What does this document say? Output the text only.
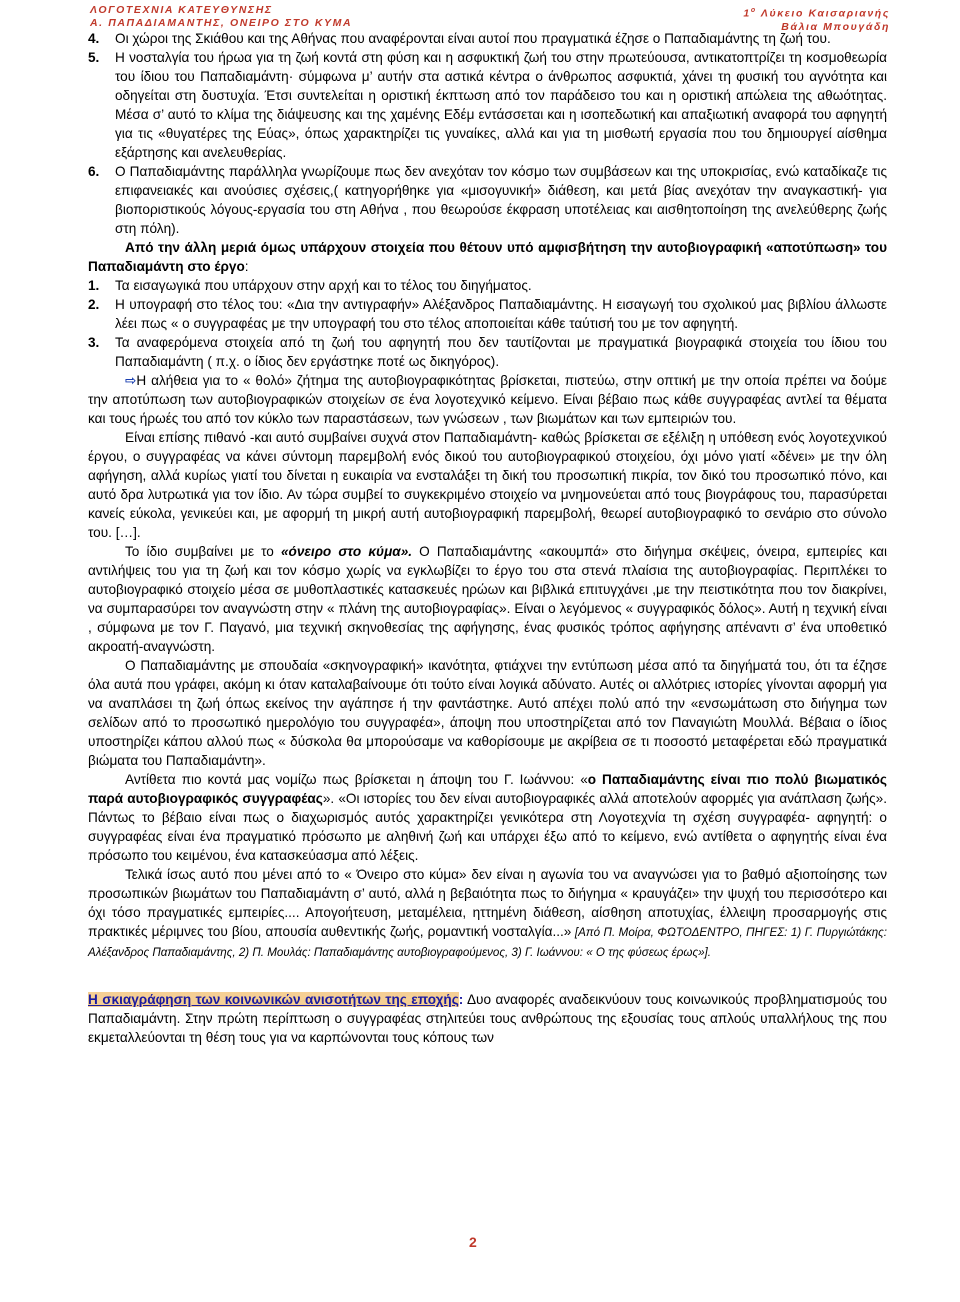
ΛΟΓΟΤΕΧΝΙΑ ΚΑΤΕΥΘΥΝΣΗΣ
Α. ΠΑΠΑΔΙΑΜΑΝΤΗΣ, ΟΝΕΙΡΟ ΣΤΟ ΚΥΜΑ
$1^o$ Λύκειο Καισαριανής
Βάλια Μπουγάδη
4.	Οι χώροι της Σκιάθου και της Αθήνας που αναφέρονται είναι αυτοί που πραγματικά έζησε ο Παπαδιαμάντης τη ζωή του.
5.	Η νοσταλγία του ήρωα για τη ζωή κοντά στη φύση και η ασφυκτική ζωή του στην πρωτεύουσα, αντικατοπτρίζει τη κοσμοθεωρία του ίδιου του Παπαδιαμάντη· σύμφωνα μ’ αυτήν στα αστικά κέντρα ο άνθρωπος ασφυκτιά, χάνει τη φυσική του αγνότητα και οδηγείται στη δυστυχία. Έτσι συντελείται η οριστική έκπτωση από τον παράδεισο του και η οριστική απώλεια της αθωότητας. Μέσα σ’ αυτό το κλίμα της διάψευσης και της χαμένης Εδέμ εντάσσεται και η ισοπεδωτική και απαξιωτική αναφορά του αφηγητή για τις «θυγατέρες της Εύας», όπως χαρακτηρίζει τις γυναίκες, αλλά και για τη μισθωτή εργασία που του δημιουργεί αίσθημα εξάρτησης και ανελευθερίας.
6.	Ο Παπαδιαμάντης παράλληλα γνωρίζουμε πως δεν ανεχόταν τον κόσμο των συμβάσεων και της υποκρισίας, ενώ καταδίκαζε τις επιφανειακές και ανούσιες σχέσεις,( κατηγορήθηκε για «μισογυνική» διάθεση, και μετά βίας ανεχόταν την αναγκαστική- για βιοποριστικούς λόγους-εργασία του στη Αθήνα , που θεωρούσε έκφραση υποτέλειας και αισθητοποίηση της ανελεύθερης ζωής στη πόλη).

Από την άλλη μεριά όμως υπάρχουν στοιχεία που θέτουν υπό αμφισβήτηση την αυτοβιογραφική «αποτύπωση» του Παπαδιαμάντη στο έργο:

1.	Τα εισαγωγικά που υπάρχουν στην αρχή και το τέλος του διηγήματος.
2.	Η υπογραφή στο τέλος του: «Δια την αντιγραφήν» Αλέξανδρος Παπαδιαμάντης. Η εισαγωγή του σχολικού μας βιβλίου άλλωστε λέει πως « ο συγγραφέας με την υπογραφή του στο τέλος αποποιείται κάθε ταύτισή του με τον αφηγητή.
3.	Τα αναφερόμενα στοιχεία από τη ζωή του αφηγητή που δεν ταυτίζονται με πραγματικά βιογραφικά στοιχεία του ίδιου του Παπαδιαμάντη ( π.χ. ο ίδιος δεν εργάστηκε ποτέ ως δικηγόρος).

⇨Η αλήθεια για το « θολό» ζήτημα της αυτοβιογραφικότητας βρίσκεται, πιστεύω, στην οπτική με την οποία πρέπει να δούμε την αποτύπωση των αυτοβιογραφικών στοιχείων σε ένα λογοτεχνικό κείμενο. Είναι βέβαιο πως κάθε συγγραφέας αντλεί τα θέματα και τους ήρωές του από τον κύκλο των παραστάσεων, των γνώσεων , των βιωμάτων και των εμπειριών του.

Είναι επίσης πιθανό -και αυτό συμβαίνει συχνά στον Παπαδιαμάντη- καθώς βρίσκεται σε εξέλιξη η υπόθεση ενός λογοτεχνικού έργου, ο συγγραφέας να κάνει σύντομη παρεμβολή ενός δικού του αυτοβιογραφικού στοιχείου, όχι μόνο γιατί «δένει» με την όλη αφήγηση, αλλά κυρίως γιατί του δίνεται η ευκαιρία να ενσταλάξει τη δική του προσωπική πικρία, τον δικό του προσωπικό πόνο, και αυτό δρα λυτρωτικά για τον ίδιο. Αν τώρα συμβεί το συγκεκριμένο στοιχείο να μνημονεύεται από τους βιογράφους του, παρασύρεται κανείς εύκολα, γενικεύει και, με αφορμή τη μικρή αυτή αυτοβιογραφική παρεμβολή, θεωρεί αυτοβιογραφικό το σενάριο στο σύνολο του. […].

Το ίδιο συμβαίνει με το «όνειρο στο κύμα». Ο Παπαδιαμάντης «ακουμπά» στο διήγημα σκέψεις, όνειρα, εμπειρίες και αντιλήψεις του για τη ζωή και τον κόσμο χωρίς να εγκλωβίζει το έργο του στα στενά πλαίσια της αυτοβιογραφίας. Περιπλέκει το αυτοβιογραφικό στοιχείο μέσα σε μυθοπλαστικές κατασκευές ηρώων και βιβλικά επιτυγχάνει ,με την πειστικότητα που τον διακρίνει, να συμπαρασύρει τον αναγνώστη στην « πλάνη της αυτοβιογραφίας». Είναι ο λεγόμενος « συγγραφικός δόλος». Αυτή η τεχνική είναι , σύμφωνα με τον Γ. Παγανό, μια τεχνική σκηνοθεσίας της αφήγησης, ένας φυσικός τρόπος αφήγησης απέναντι σ’ ένα υποθετικό ακροατή-αναγνώστη.

Ο Παπαδιαμάντης με σπουδαία «σκηνογραφική» ικανότητα, φτιάχνει την εντύπωση μέσα από τα διηγήματά του, ότι τα έζησε όλα αυτά που γράφει, ακόμη κι όταν καταλαβαίνουμε ότι τούτο είναι λογικά αδύνατο. Αυτές οι αλλότριες ιστορίες γίνονται αφορμή για να αναπλάσει τη ζωή όπως εκείνος την αγάπησε ή την φαντάστηκε. Αυτό απέχει πολύ από την «ενσωμάτωση στο διήγημα των σελίδων από το προσωπικό ημερολόγιο του συγγραφέα», άποψη που υποστηρίζεται από τον Παναγιώτη Μουλλά. Βέβαια ο ίδιος υποστηρίζει κάπου αλλού πως « δύσκολα θα μπορούσαμε να καθορίσουμε με ακρίβεια σε τι ποσοστό μεταφέρεται εδώ πραγματικά βιώματα του Παπαδιαμάντη».

Αντίθετα πιο κοντά μας νομίζω πως βρίσκεται η άποψη του Γ. Ιωάννου: «ο Παπαδιαμάντης είναι πιο πολύ βιωματικός παρά αυτοβιογραφικός συγγραφέας». «Οι ιστορίες του δεν είναι αυτοβιογραφικές αλλά αποτελούν αφορμές για ανάπλαση ζωής». Πάντως το βέβαιο είναι πως ο διαχωρισμός αυτός χαρακτηρίζει γενικότερα στη Λογοτεχνία τη σχέση συγγραφέα- αφηγητή: ο συγγραφέας είναι ένα πραγματικό πρόσωπο με αληθινή ζωή και υπάρχει έξω από το κείμενο, ενώ αντίθετα ο αφηγητής είναι ένα πρόσωπο του κειμένου, ένα κατασκεύασμα από λέξεις.

Τελικά ίσως αυτό που μένει από το « Όνειρο στο κύμα» δεν είναι η αγωνία του να αναγνώσει για το βαθμό αξιοποίησης των προσωπικών βιωμάτων του Παπαδιαμάντη σ’ αυτό, αλλά η βεβαιότητα πως το διήγημα « κραυγάζει» την ψυχή του περισσότερο και όχι τόσο πραγματικές εμπειρίες.... Απογοήτευση, μεταμέλεια, ηττημένη διάθεση, αίσθηση αποτυχίας, έλλειψη προσαρμογής στις πρακτικές μέριμνες του βίου, απουσία αυθεντικής ζωής, ρομαντική νοσταλγία...» [Από Π. Μοίρα, ΦΩΤΟΔΕΝΤΡΟ, ΠΗΓΕΣ: 1) Γ. Πυργιώτάκης: Αλέξανδρος Παπαδιαμάντης, 2) Π. Μουλάς: Παπαδιαμάντης αυτοβιογραφούμενος, 3) Γ. Ιωάννου: « Ο της φύσεως έρως»].

Η σκιαγράφηση των κοινωνικών ανισοτήτων της εποχής: Δυο αναφορές αναδεικνύουν τους κοινωνικούς προβληματισμούς του Παπαδιαμάντη. Στην πρώτη περίπτωση ο συγγραφέας στηλιτεύει τους ανθρώπους της εξουσίας τους απλούς υπαλλήλους της που εκμεταλλεύονται τη θέση τους για να καρπώνονται τους κόπους των

2
